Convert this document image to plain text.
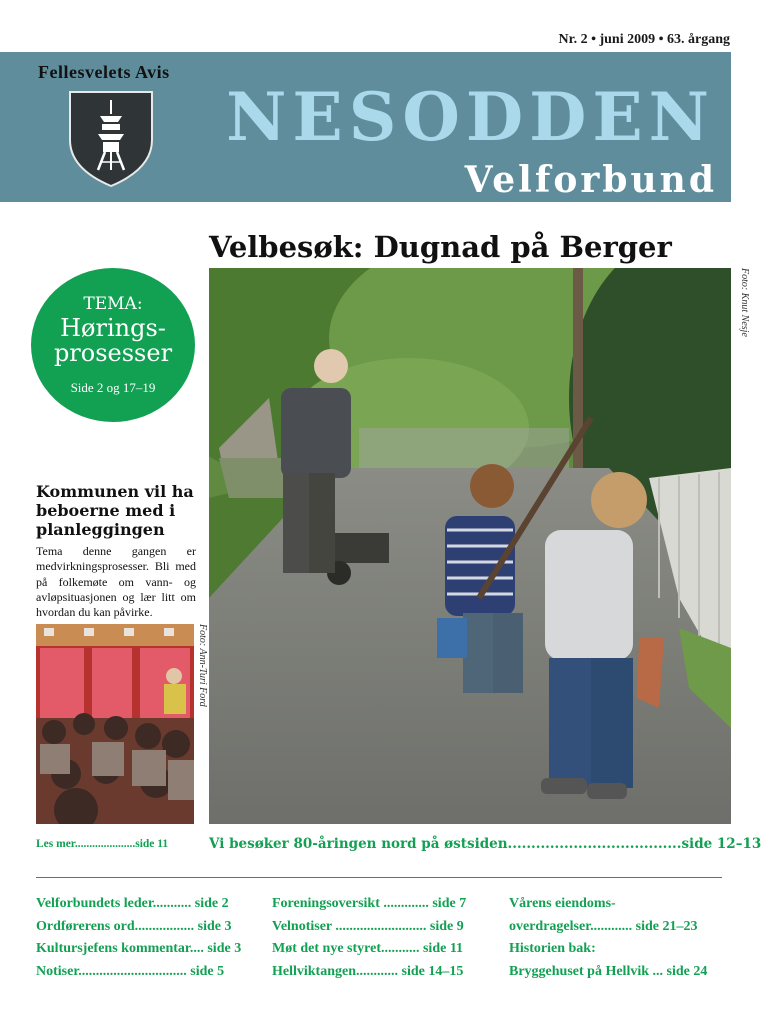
Nr. 2 • juni 2009 • 63. årgang
Fellesvelets Avis
NESODDEN
Velforbund
Velbesøk: Dugnad på Berger
Foto: Knut Nesje
TEMA:
Hørings-
prosesser
Side 2 og 17–19
Kommunen vil ha beboerne med i planleggingen
Tema denne gangen er medvirkningsprosesser. Bli med på folkemøte om vann- og avløpsituasjonen og lær litt om hvordan du kan påvirke.
Foto: Ann-Turi Ford
Les mer.....................side 11	Vi besøker 80-åringen nord på østsiden.....................................side 12–13
Velforbundets leder........... side 2
Ordførerens ord................. side 3
Kultursjefens kommentar.... side 3
Notiser............................... side 5
Foreningsoversikt ............. side 7
Velnotiser .......................... side 9
Møt det nye styret........... side 11
Hellviktangen............ side 14–15
Vårens eiendoms-
overdragelser............ side 21–23
Historien bak:
Bryggehuset på Hellvik ... side 24
